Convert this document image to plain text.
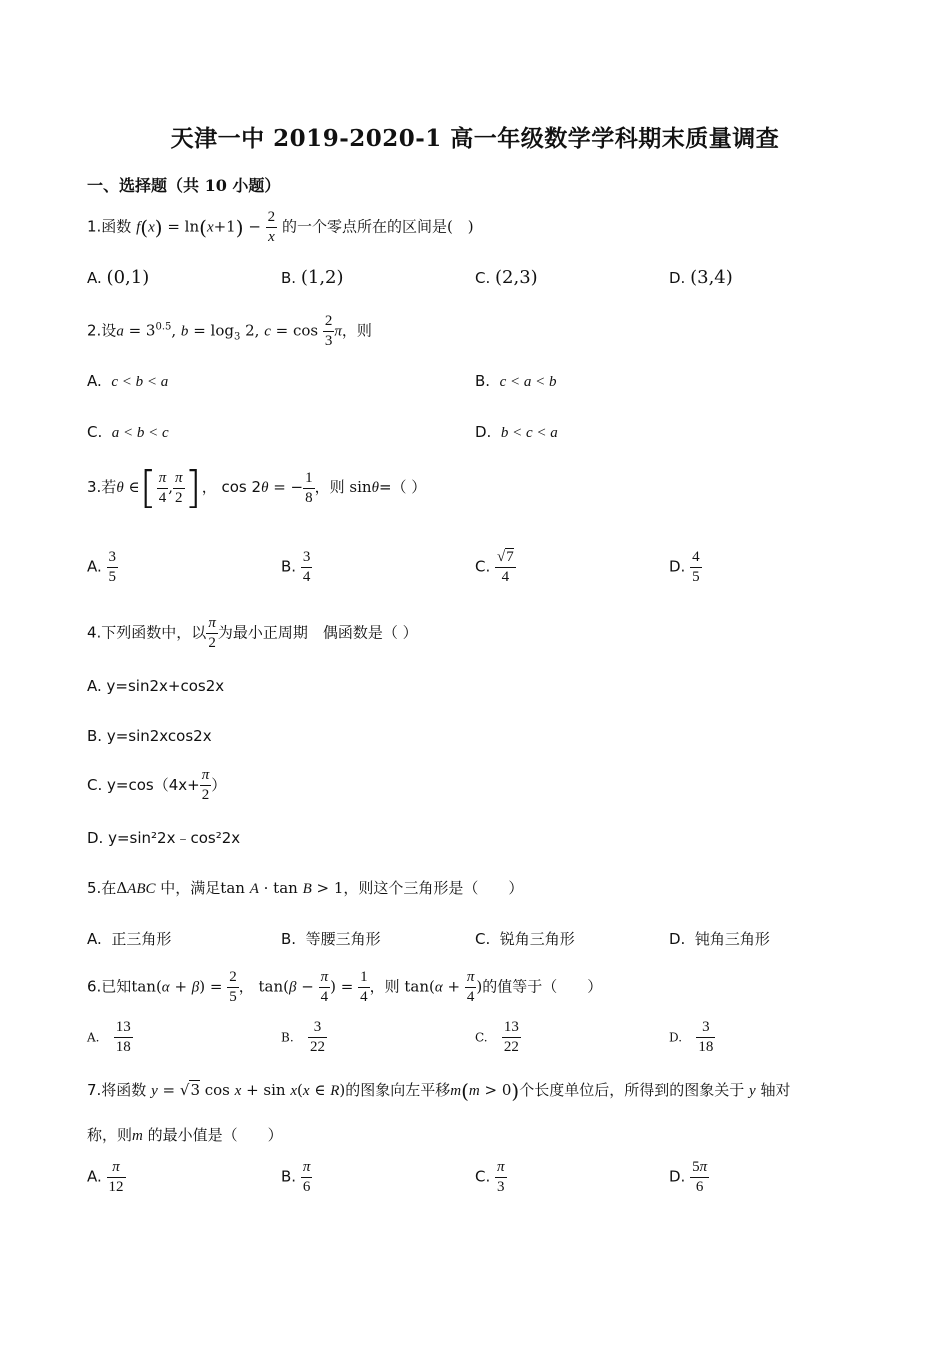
天津一中 2019-2020-1 高一年级数学学科期末质量调查
一、选择题（共 10 小题）
1.函数 $f(x) = \ln(x+1) - \frac{2}{x}$ 的一个零点所在的区间是(　)
A. (0,1)	B. (1,2)	C. (2,3)	D. (3,4)
2.设$a = 3^{0.5}$, $b = \log_3 2$, $c = \cos \frac{2}{3}$ π，则
A. c < b < a	B. c < a < b
C. a < b < c	D. b < c < a
3.若θ ∈[ $\frac{\pi}{4}$ , $\frac{\pi}{2}$ ]， cos 2θ = − $\frac{1}{8}$ ，则 sinθ=（ ）
A. $\frac{3}{5}$	B. $\frac{3}{4}$	C. $\frac{√7}{4}$	D. $\frac{4}{5}$
4.下列函数中，以 $\frac{\pi}{2}$ 为最小正周期　偶函数是（ ）
A. y=sin2x+cos2x
B. y=sin2xcos2x
C. $y=\cos(4x+ \frac{\pi}{2}$ ）
D. y=sin²2x﹣cos²2x
5.在ΔABC 中，满足tan A · tan B > 1，则这个三角形是（　　）
A. 正三角形	B. 等腰三角形	C. 锐角三角形	D. 钝角三角形
6.已知$\tan(\alpha + \beta) = \frac{2}{5}$ ， $\tan(\beta - \frac{\pi}{4}$ ) = $\frac{1}{4}$ ，则 $\tan(\alpha + \frac{\pi}{4}$ )的值等于（　　）
A. $\frac{13}{18}$	B. $\frac{3}{22}$	C. $\frac{13}{22}$	D. $\frac{3}{18}$
7.将函数 y = √3 cos x + sin x(x ∈ R)的图象向左平移m(m > 0)个长度单位后，所得到的图象关于 y 轴对
称，则m 的最小值是（　　）
A. $\frac{\pi}{12}$	B. $\frac{\pi}{6}$	C. $\frac{\pi}{3}$	D. $\frac{5\pi}{6}$
